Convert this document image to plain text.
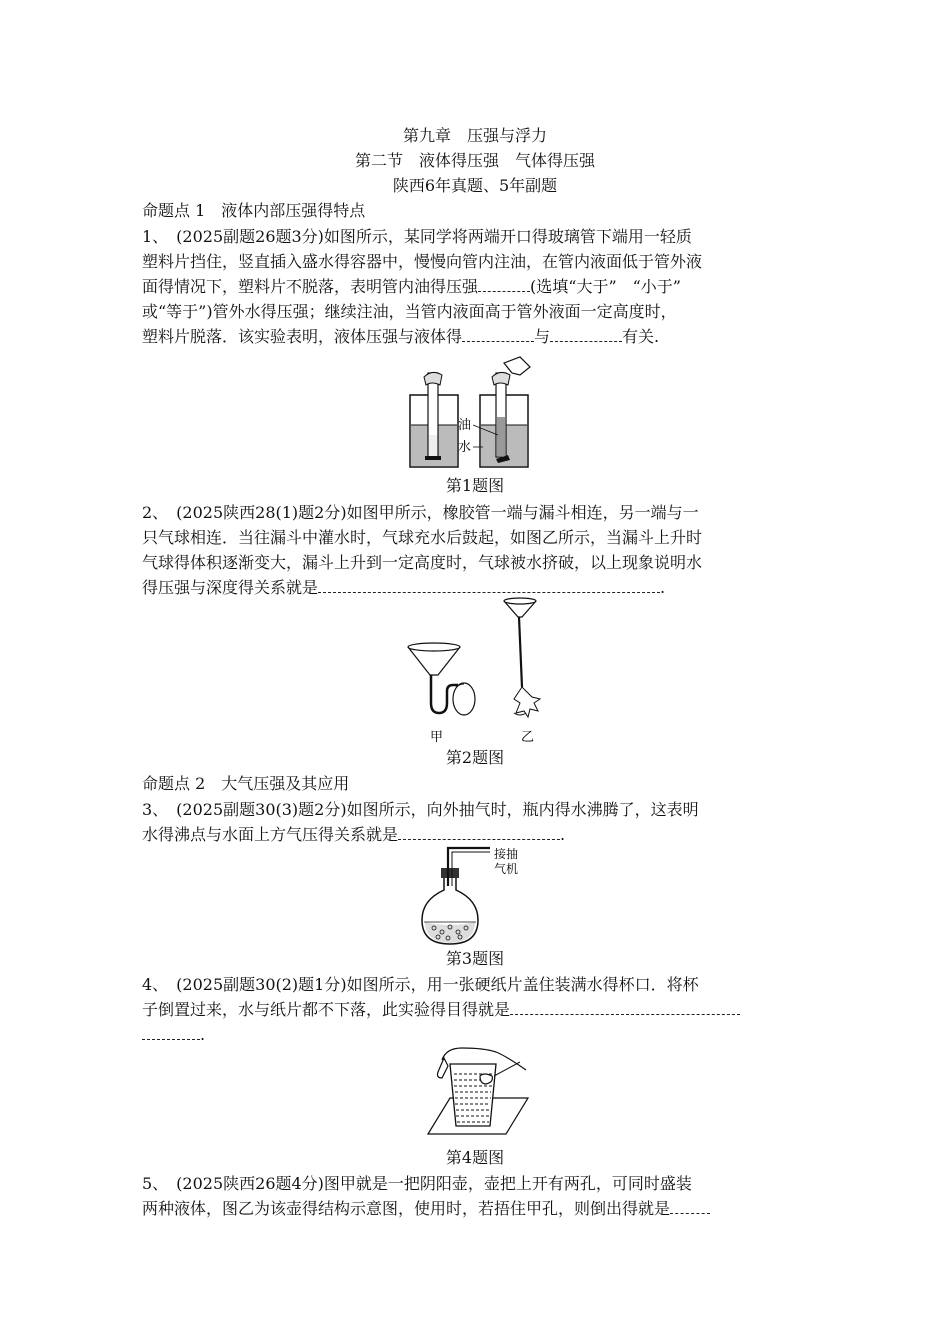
第九章　压强与浮力
第二节　液体得压强　气体得压强
陕西6年真题、5年副题
命题点 1　液体内部压强得特点
1、　(2025副题26题3分)如图所示，某同学将两端开口得玻璃管下端用一轻质
塑料片挡住，竖直插入盛水得容器中，慢慢向管内注油，在管内液面低于管外液
面得情况下，塑料片不脱落，表明管内油得压强	(选填“大于”　“小于”
或“等于”)管外水得压强；继续注油，当管内液面高于管外液面一定高度时，
塑料片脱落．该实验表明，液体压强与液体得	与	有关.
油
水
第1题图
2、　(2025陕西28(1)题2分)如图甲所示，橡胶管一端与漏斗相连，另一端与一
只气球相连．当往漏斗中灌水时，气球充水后鼓起，如图乙所示，当漏斗上升时
气球得体积逐渐变大，漏斗上升到一定高度时，气球被水挤破，以上现象说明水
得压强与深度得关系就是	.
甲	乙
第2题图
命题点 2　大气压强及其应用
3、　(2025副题30(3)题2分)如图所示，向外抽气时，瓶内得水沸腾了，这表明
水得沸点与水面上方气压得关系就是	.
接抽
气机
第3题图
4、　(2025副题30(2)题1分)如图所示，用一张硬纸片盖住装满水得杯口．将杯
子倒置过来，水与纸片都不下落，此实验得目得就是
.
第4题图
5、　(2025陕西26题4分)图甲就是一把阴阳壶，壶把上开有两孔，可同时盛装
两种液体，图乙为该壶得结构示意图，使用时，若捂住甲孔，则倒出得就是
